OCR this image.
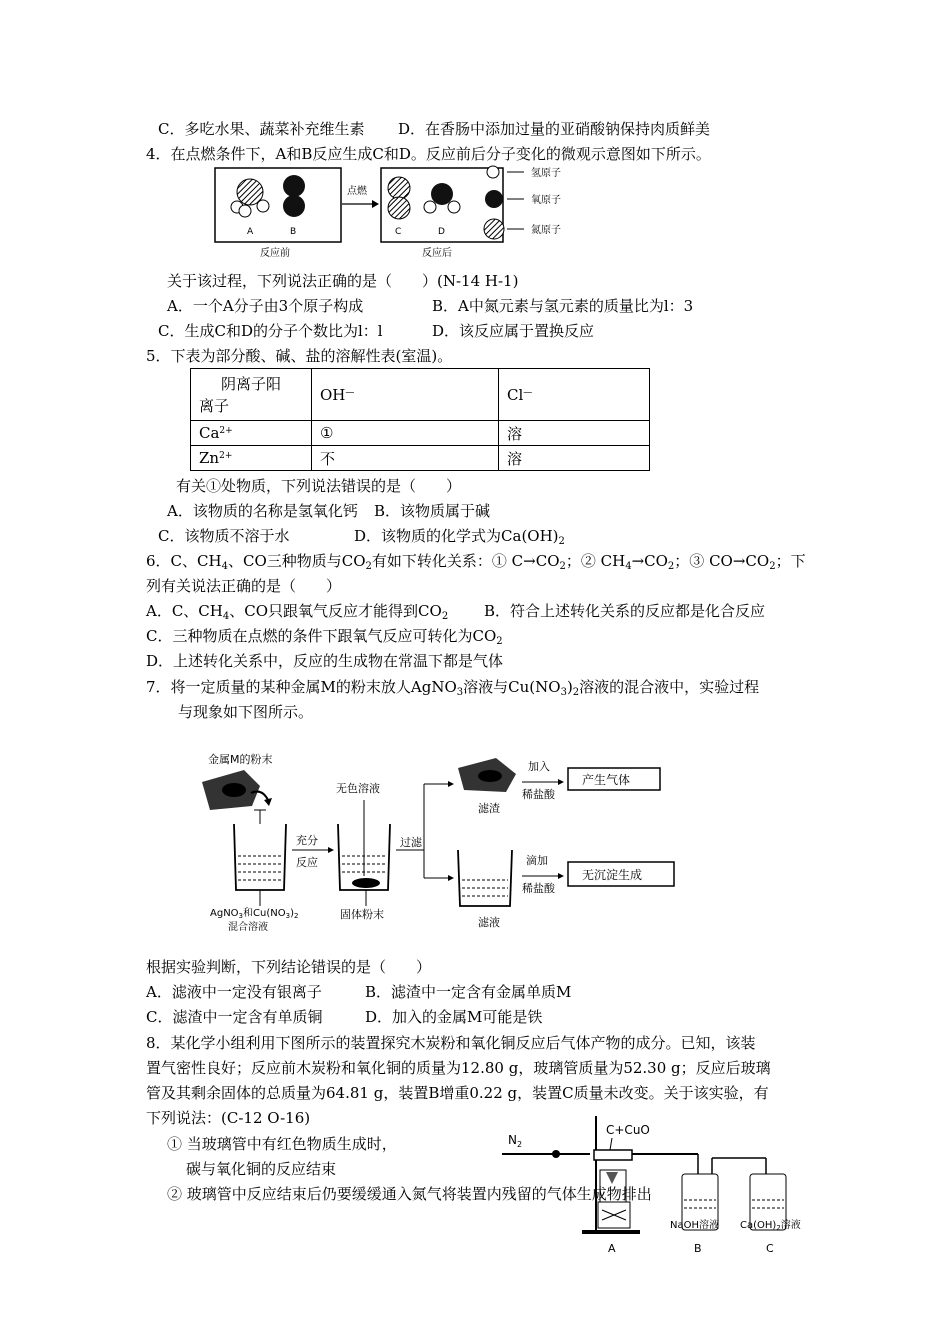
C．多吃水果、蔬菜补充维生素 D．在香肠中添加过量的亚硝酸钠保持肉质鲜美
4．在点燃条件下，A和B反应生成C和D。反应前后分子变化的微观示意图如下所示。
A	B
反应前
点燃
C	D
反应后
氢原子
氧原子
氮原子
关于该过程，下列说法正确的是（　　）(N-14 H-1)
A．一个A分子由3个原子构成	B．A中氮元素与氢元素的质量比为l：3
C．生成C和D的分子个数比为l：l	D．该反应属于置换反应
5．下表为部分酸、碱、盐的溶解性表(室温)。
阴离子阳
离子	OH—	Cl—
$Ca^{2+}$	①	溶
$Zn^{2+}$	不	溶
有关①处物质，下列说法错误的是（　　）
A．该物质的名称是氢氧化钙 B．该物质属于碱
C．该物质不溶于水	D．该物质的化学式为$Ca(OH)_2$
6．C、$CH_4$、CO三种物质与$CO_2$有如下转化关系：① $C\to CO_2$；② $CH_4\to CO_2$；③ $CO\to CO_2$；下
列有关说法正确的是（　　）
A．C、$CH_4$、CO只跟氧气反应才能得到$CO_2$ B．符合上述转化关系的反应都是化合反应
C．三种物质在点燃的条件下跟氧气反应可转化为$CO_2$
D．上述转化关系中，反应的生成物在常温下都是气体
7．将一定质量的某种金属M的粉末放人AgNO$_3$溶液与$Cu(NO_3)_2$溶液的混合液中，实验过程
与现象如下图所示。
金属M的粉末
AgNO$_3$和$Cu(NO_3)_2$
混合溶液
充分
反应
无色溶液
固体粉末
过滤
滤渣
加入
稀盐酸
产生气体
滤液
滴加
稀盐酸
无沉淀生成
根据实验判断，下列结论错误的是（　　）
A．滤液中一定没有银离子	B．滤渣中一定含有金属单质M
C．滤渣中一定含有单质铜	D．加入的金属M可能是铁
8．某化学小组利用下图所示的装置探究木炭粉和氧化铜反应后气体产物的成分。已知，该装
置气密性良好；反应前木炭粉和氧化铜的质量为12.80 g，玻璃管质量为52.30 g；反应后玻璃
管及其剩余固体的总质量为64.81 g，装置B增重0.22 g，装置C质量未改变。关于该实验，有
下列说法：(C-12 O-16)
① 当玻璃管中有红色物质生成时，
碳与氧化铜的反应结束
$N_2$
C+CuO
NaOH溶液 $Ca(OH)_2$溶液
A	B	C
② 玻璃管中反应结束后仍要缓缓通入氮气将装置内残留的气体生成物排出
